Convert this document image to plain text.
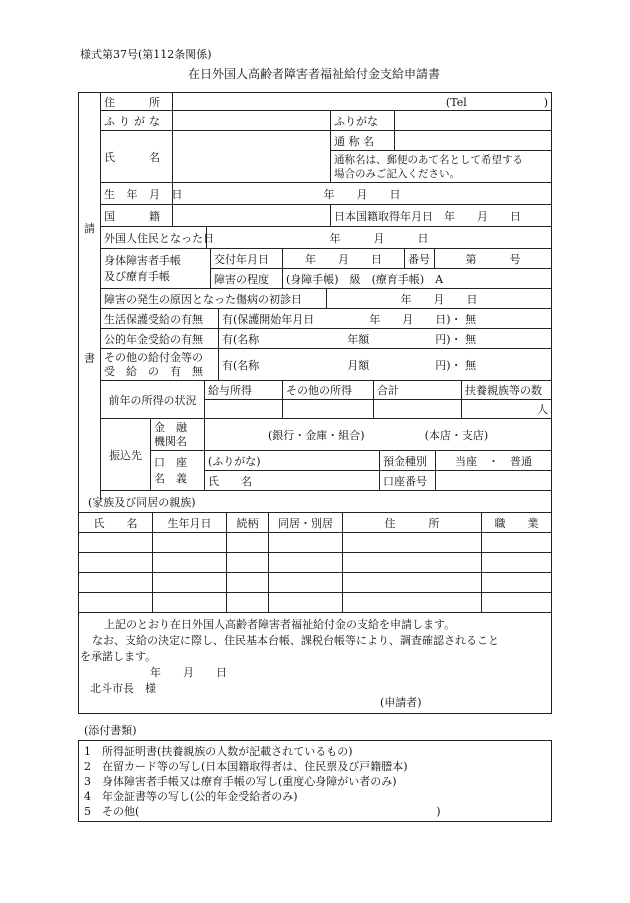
様式第37号(第112条関係)
在日外国人高齢者障害者福祉給付金支給申請書
請
書
住　　所	(Tel　　　　　　　)		
ふりがな		ふりがな	
氏　　名		通 称 名	
		通称名は、郵便のあて名として希望する
場合のみご記入ください。	
生 年 月 日	年　　月　　日		
国　　籍		日本国籍取得年月日　 年　　月　　日	
外国人住民となった日	年　　　月　　　日
身体障害者手帳
及び療育手帳	交付年月日	年　　月　　日	番号	第　　　号
	障害の程度	(身障手帳)　級　(療育手帳)　A		
障害の発生の原因となった傷病の初診日	年　　月　　日
生活保護受給の有無	有(保護開始年月日　　　　　年　　月　　日)・ 無
公的年金受給の有無	有(名称　　　　　　　　年額　　　　　　円)・ 無
その他の給付金等の
受　給　の　有　無	有(名称　　　　　　　　月額　　　　　　円)・ 無
前年の所得の状況	給与所得	その他の所得	合計	扶養親族等の数
				人
振込先	金　融
機関名	(銀行・金庫・組合) (本店・支店)		
	口　座
名　義	(ふりがな)	預金種別	当座　・　普通
		氏　　名	口座番号	
(家族及び同居の親族)
氏　　名	生年月日	続柄	同居・別居	住　　　所	職　　業

上記のとおり在日外国人高齢者障害者福祉給付金の支給を申請します。
なお、支給の決定に際し、住民基本台帳、課税台帳等により、調査確認されること
を承諾します。
年　　月　　日
北斗市長　様
(申請者)
(添付書類)
1　所得証明書(扶養親族の人数が記載されているもの)
2　在留カード等の写し(日本国籍取得者は、住民票及び戸籍謄本)
3　身体障害者手帳又は療育手帳の写し(重度心身障がい者のみ)
4　年金証書等の写し(公的年金受給者のみ)
5　その他(　　　　　　　　　　　　　　　　　　　　　　　　　　　)
